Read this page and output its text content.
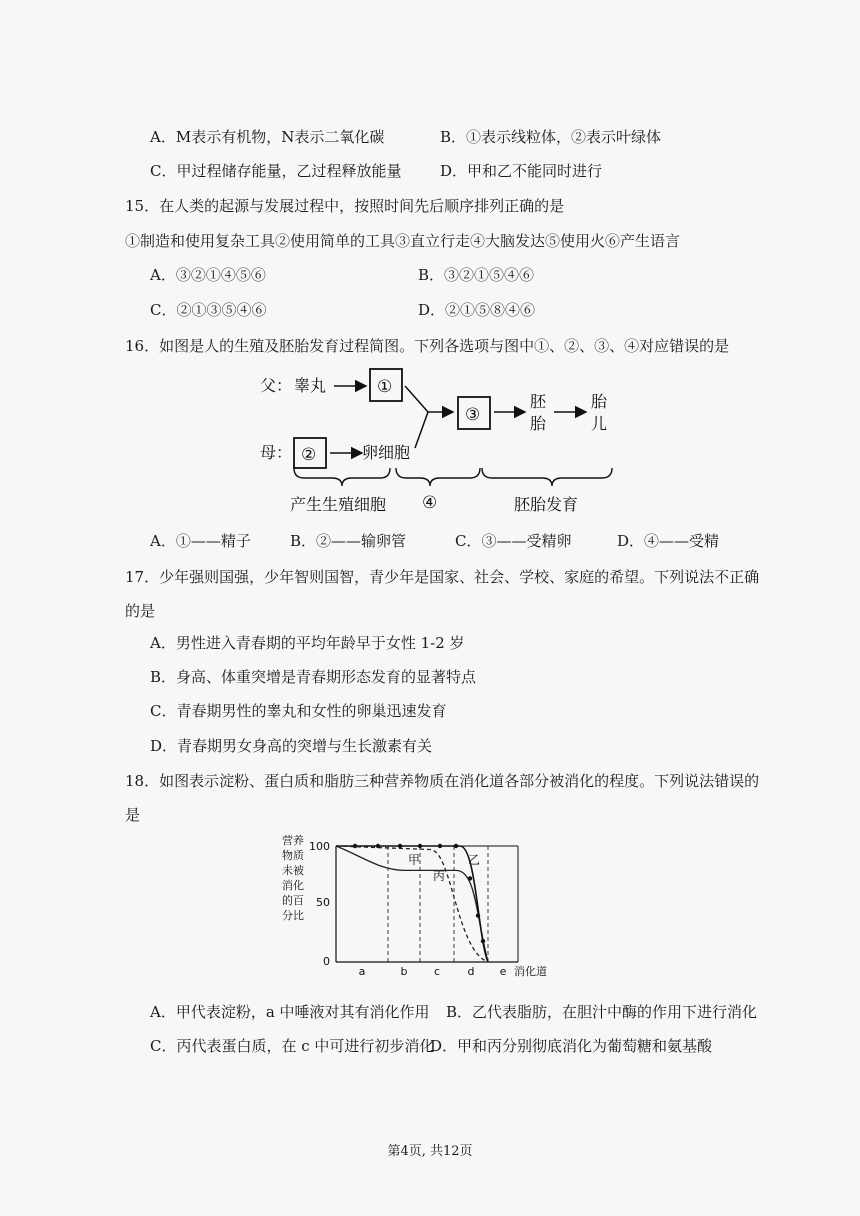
A．M表示有机物，N表示二氧化碳	B．①表示线粒体，②表示叶绿体
C．甲过程储存能量，乙过程释放能量	D．甲和乙不能同时进行
15．在人类的起源与发展过程中，按照时间先后顺序排列正确的是
①制造和使用复杂工具②使用简单的工具③直立行走④大脑发达⑤使用火⑥产生语言
A．③②①④⑤⑥	B．③②①⑤④⑥
C．②①③⑤④⑥	D．②①⑤⑧④⑥
16．如图是人的生殖及胚胎发育过程简图。下列各选项与图中①、②、③、④对应错误的是
父： 睾丸	①
母： ②	卵细胞
③
胚
胎
胎
儿
产生生殖细胞 ④	胚胎发育
A．①——精子	B．②——输卵管	C．③——受精卵	D．④——受精
17．少年强则国强，少年智则国智，青少年是国家、社会、学校、家庭的希望。下列说法不正确
的是
A．男性进入青春期的平均年龄早于女性 1-2 岁
B．身高、体重突增是青春期形态发育的显著特点
C．青春期男性的睾丸和女性的卵巢迅速发育
D．青春期男女身高的突增与生长激素有关
18．如图表示淀粉、蛋白质和脂肪三种营养物质在消化道各部分被消化的程度。下列说法错误的
是
营养
物质
未被
消化
的百
分比
100
50
0
a	b c d e 消化道
甲	乙
丙
A．甲代表淀粉，a 中唾液对其有消化作用 B．乙代表脂肪，在胆汁中酶的作用下进行消化
C．丙代表蛋白质，在 c 中可进行初步消化
D．甲和丙分别彻底消化为葡萄糖和氨基酸
第4页, 共12页
